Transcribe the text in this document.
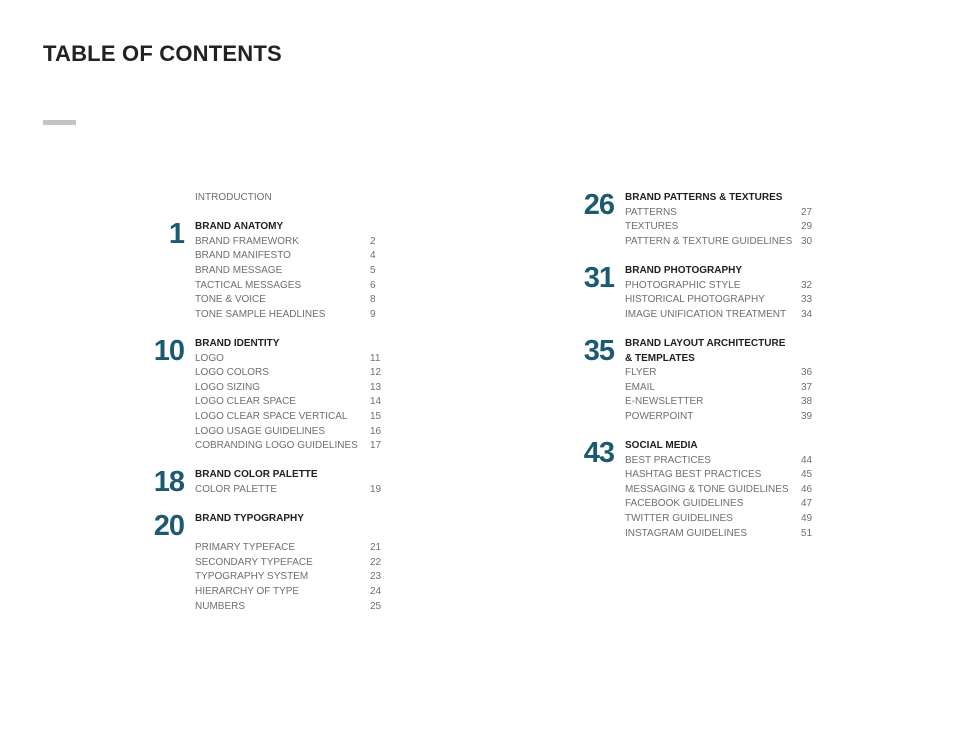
TABLE OF CONTENTS
INTRODUCTION
1 BRAND ANATOMY
BRAND FRAMEWORK	2
BRAND MANIFESTO	4
BRAND MESSAGE	5
TACTICAL MESSAGES	6
TONE & VOICE	8
TONE SAMPLE HEADLINES	9
10 BRAND IDENTITY
LOGO	11
LOGO COLORS	12
LOGO SIZING	13
LOGO CLEAR SPACE	14
LOGO CLEAR SPACE VERTICAL	15
LOGO USAGE GUIDELINES	16
COBRANDING LOGO GUIDELINES	17
18 BRAND COLOR PALETTE
COLOR PALETTE	19
20 BRAND TYPOGRAPHY
PRIMARY TYPEFACE	21
SECONDARY TYPEFACE	22
TYPOGRAPHY SYSTEM	23
HIERARCHY OF TYPE	24
NUMBERS	25
26 BRAND PATTERNS & TEXTURES
PATTERNS	27
TEXTURES	29
PATTERN & TEXTURE GUIDELINES 30
31 BRAND PHOTOGRAPHY
PHOTOGRAPHIC STYLE	32
HISTORICAL PHOTOGRAPHY	33
IMAGE UNIFICATION TREATMENT	34
35 BRAND LAYOUT ARCHITECTURE
& TEMPLATES
FLYER	36
EMAIL	37
E-NEWSLETTER	38
POWERPOINT	39
43 SOCIAL MEDIA
BEST PRACTICES	44
HASHTAG BEST PRACTICES	45
MESSAGING & TONE GUIDELINES	46
FACEBOOK GUIDELINES	47
TWITTER GUIDELINES	49
INSTAGRAM GUIDELINES	51
